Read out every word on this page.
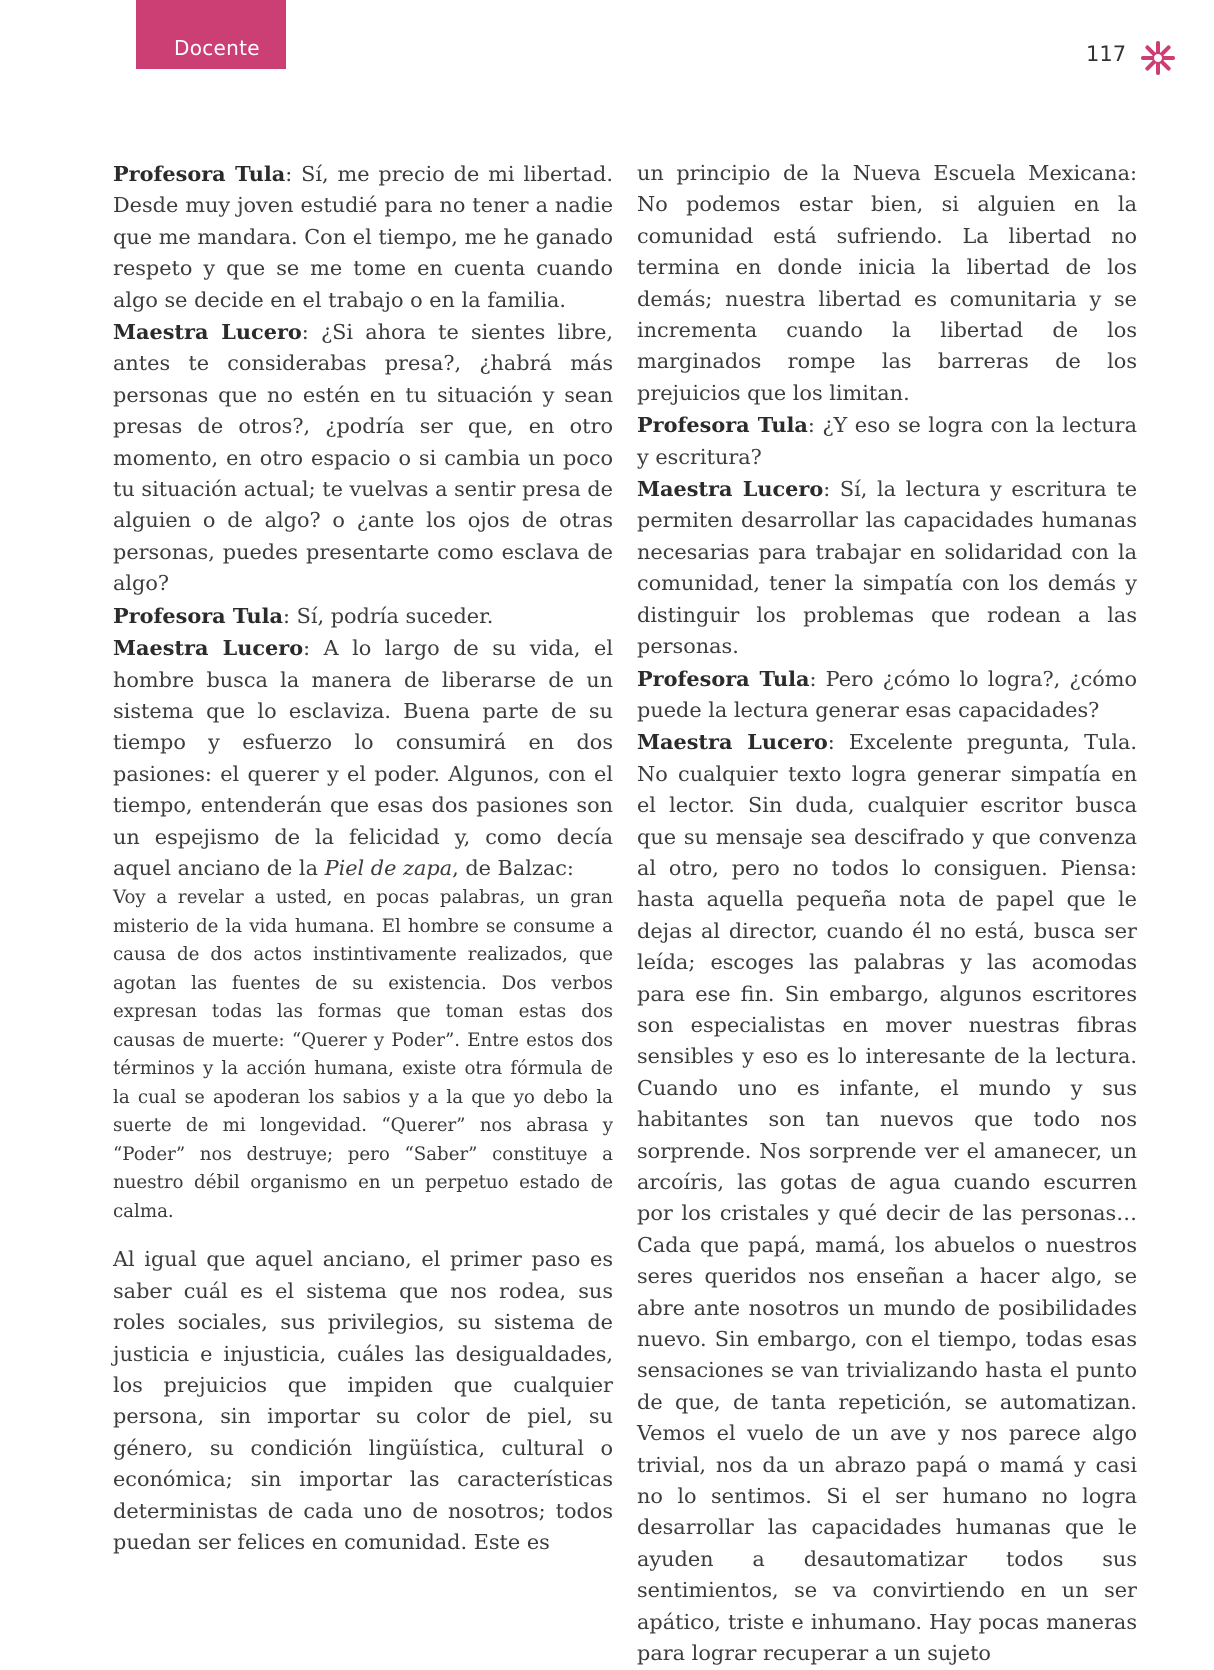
Docente	117

Profesora Tula: Sí, me precio de mi libertad. Desde muy joven estudié para no tener a nadie que me mandara. Con el tiempo, me he ganado respeto y que se me tome en cuenta cuando algo se decide en el trabajo o en la familia.

Maestra Lucero: ¿Si ahora te sientes libre, antes te considerabas presa?, ¿habrá más personas que no estén en tu situación y sean presas de otros?, ¿podría ser que, en otro momento, en otro espacio o si cambia un poco tu situación actual; te vuelvas a sentir presa de alguien o de algo? o ¿ante los ojos de otras personas, puedes presentarte como esclava de algo?

Profesora Tula: Sí, podría suceder.

Maestra Lucero: A lo largo de su vida, el hombre busca la manera de liberarse de un sistema que lo esclaviza. Buena parte de su tiempo y esfuerzo lo consumirá en dos pasiones: el querer y el poder. Algunos, con el tiempo, entenderán que esas dos pasiones son un espejismo de la felicidad y, como decía aquel anciano de la Piel de zapa, de Balzac:

Voy a revelar a usted, en pocas palabras, un gran misterio de la vida humana. El hombre se consume a causa de dos actos instintivamente realizados, que agotan las fuentes de su existencia. Dos verbos expresan todas las formas que toman estas dos causas de muerte: “Querer y Poder”. Entre estos dos términos y la acción humana, existe otra fórmula de la cual se apoderan los sabios y a la que yo debo la suerte de mi longevidad. “Querer” nos abrasa y “Poder” nos destruye; pero “Saber” constituye a nuestro débil organismo en un perpetuo estado de calma.

Al igual que aquel anciano, el primer paso es saber cuál es el sistema que nos rodea, sus roles sociales, sus privilegios, su sistema de justicia e injusticia, cuáles las desigualdades, los prejuicios que impiden que cualquier persona, sin importar su color de piel, su género, su condición lingüística, cultural o económica; sin importar las características deterministas de cada uno de nosotros; todos puedan ser felices en comunidad. Este es

un principio de la Nueva Escuela Mexicana: No podemos estar bien, si alguien en la comunidad está sufriendo. La libertad no termina en donde inicia la libertad de los demás; nuestra libertad es comunitaria y se incrementa cuando la libertad de los marginados rompe las barreras de los prejuicios que los limitan.

Profesora Tula: ¿Y eso se logra con la lectura y escritura?

Maestra Lucero: Sí, la lectura y escritura te permiten desarrollar las capacidades humanas necesarias para trabajar en solidaridad con la comunidad, tener la simpatía con los demás y distinguir los problemas que rodean a las personas.

Profesora Tula: Pero ¿cómo lo logra?, ¿cómo puede la lectura generar esas capacidades?

Maestra Lucero: Excelente pregunta, Tula. No cualquier texto logra generar simpatía en el lector. Sin duda, cualquier escritor busca que su mensaje sea descifrado y que convenza al otro, pero no todos lo consiguen. Piensa: hasta aquella pequeña nota de papel que le dejas al director, cuando él no está, busca ser leída; escoges las palabras y las acomodas para ese fin. Sin embargo, algunos escritores son especialistas en mover nuestras fibras sensibles y eso es lo interesante de la lectura. Cuando uno es infante, el mundo y sus habitantes son tan nuevos que todo nos sorprende. Nos sorprende ver el amanecer, un arcoíris, las gotas de agua cuando escurren por los cristales y qué decir de las personas… Cada que papá, mamá, los abuelos o nuestros seres queridos nos enseñan a hacer algo, se abre ante nosotros un mundo de posibilidades nuevo. Sin embargo, con el tiempo, todas esas sensaciones se van trivializando hasta el punto de que, de tanta repetición, se automatizan. Vemos el vuelo de un ave y nos parece algo trivial, nos da un abrazo papá o mamá y casi no lo sentimos. Si el ser humano no logra desarrollar las capacidades humanas que le ayuden a desautomatizar todos sus sentimientos, se va convirtiendo en un ser apático, triste e inhumano. Hay pocas maneras para lograr recuperar a un sujeto
